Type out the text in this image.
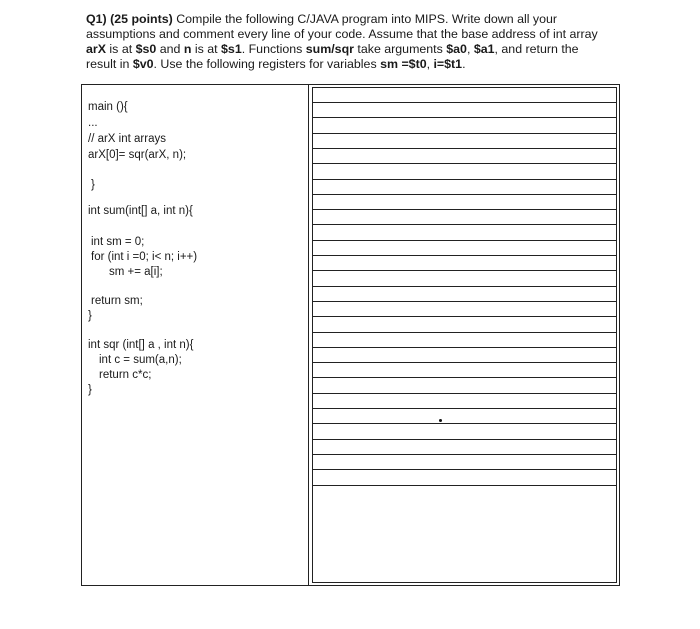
Q1) (25 points) Compile the following C/JAVA program into MIPS. Write down all your
assumptions and comment every line of your code. Assume that the base address of int array
arX is at $s0 and n is at $s1. Functions sum/sqr take arguments $a0, $a1, and return the
result in $v0. Use the following registers for variables sm =$t0, i=$t1.
main (){
...
// arX int arrays
arX[0]= sqr(arX, n);
}
int sum(int[] a, int n){
int sm = 0;
for (int i =0; i< n; i++)
sm += a[i];
return sm;
}
int sqr (int[] a , int n){
int c = sum(a,n);
return c*c;
}
